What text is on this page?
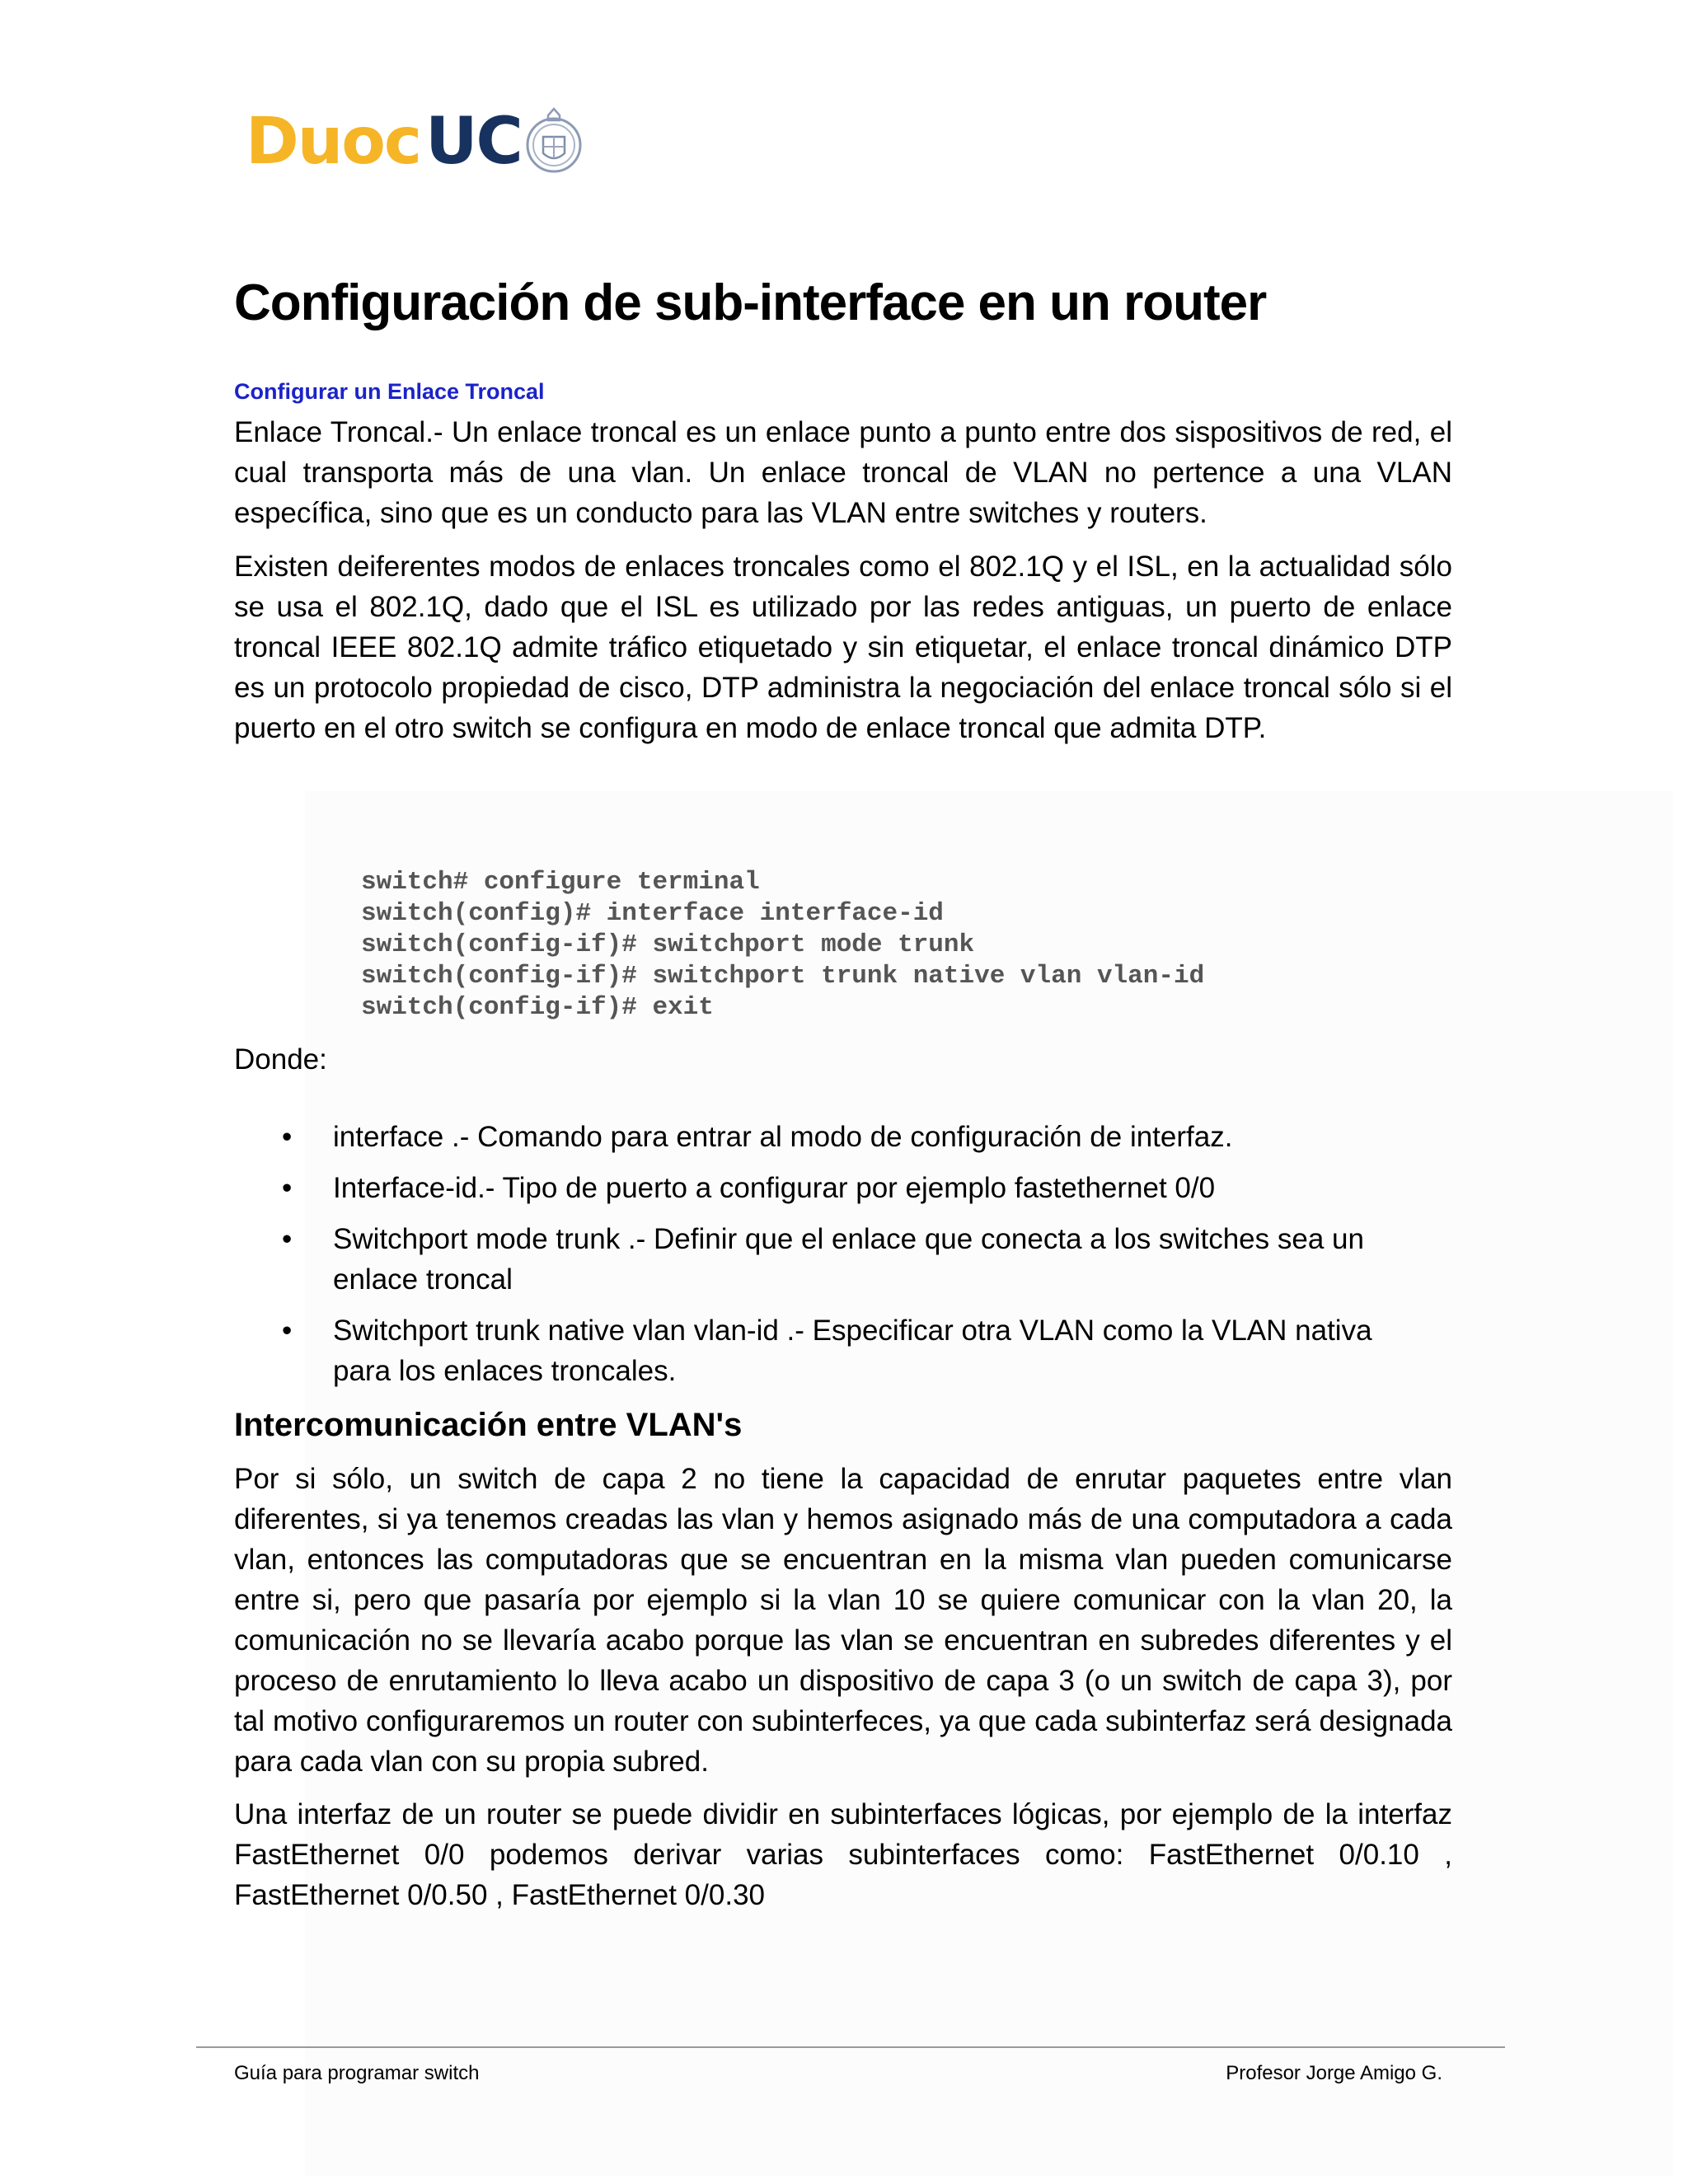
Duoc UC
Configuración de sub-interface en un router

Configurar un Enlace Troncal

Enlace Troncal.- Un enlace troncal es un enlace punto a punto entre dos sispositivos de red, el cual transporta más de una vlan. Un enlace troncal de VLAN no pertence a una VLAN específica, sino que es un conducto para las VLAN entre switches y routers.

Existen deiferentes modos de enlaces troncales como el 802.1Q y el ISL, en la actualidad sólo se usa el 802.1Q, dado que el ISL es utilizado por las redes antiguas, un puerto de enlace troncal IEEE 802.1Q admite tráfico etiquetado y sin etiquetar, el enlace troncal dinámico DTP es un protocolo propiedad de cisco, DTP administra la negociación del enlace troncal sólo si el puerto en el otro switch se configura en modo de enlace troncal que admita DTP.

switch# configure terminal
switch(config)# interface interface-id
switch(config-if)# switchport mode trunk
switch(config-if)# switchport trunk native vlan vlan-id
switch(config-if)# exit

Donde:

• interface .- Comando para entrar al modo de configuración de interfaz.
• Interface-id.- Tipo de puerto a configurar por ejemplo fastethernet 0/0
• Switchport mode trunk .- Definir que el enlace que conecta a los switches sea un enlace troncal
• Switchport trunk native vlan vlan-id .- Especificar otra VLAN como la VLAN nativa para los enlaces troncales.
Intercomunicación entre VLAN's

Por si sólo, un switch de capa 2 no tiene la capacidad de enrutar paquetes entre vlan diferentes, si ya tenemos creadas las vlan y hemos asignado más de una computadora a cada vlan, entonces las computadoras que se encuentran en la misma vlan pueden comunicarse entre si, pero que pasaría por ejemplo si la vlan 10 se quiere comunicar con la vlan 20, la comunicación no se llevaría acabo porque las vlan se encuentran en subredes diferentes y el proceso de enrutamiento lo lleva acabo un dispositivo de capa 3 (o un switch de capa 3), por tal motivo configuraremos un router con subinterfeces, ya que cada subinterfaz será designada para cada vlan con su propia subred.

Una interfaz de un router se puede dividir en subinterfaces lógicas, por ejemplo de la interfaz FastEthernet 0/0 podemos derivar varias subinterfaces como: FastEthernet 0/0.10 , FastEthernet 0/0.50 , FastEthernet 0/0.30

Guía para programar switch	Profesor Jorge Amigo G.
